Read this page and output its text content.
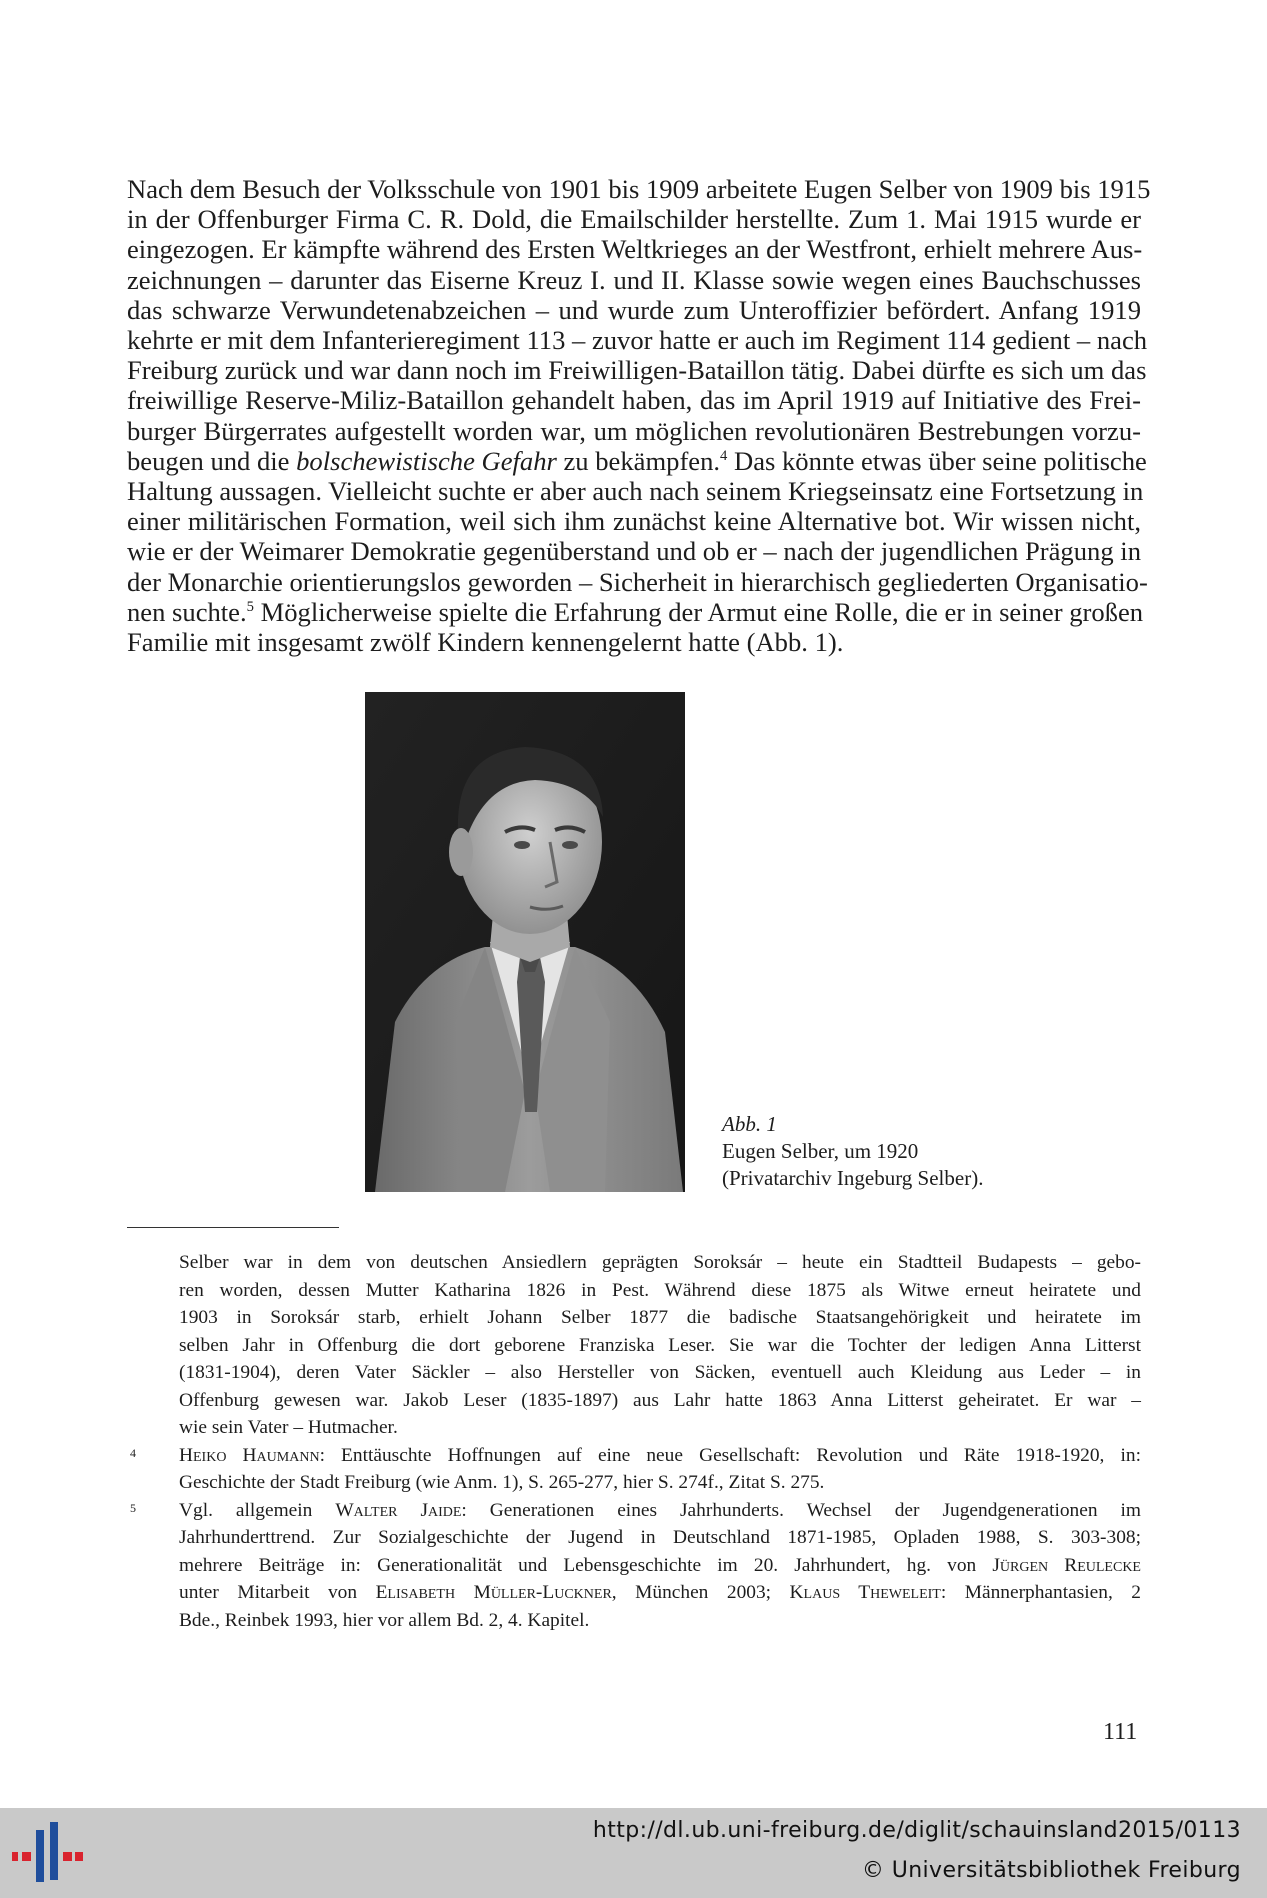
Nach dem Besuch der Volksschule von 1901 bis 1909 arbeitete Eugen Selber von 1909 bis 1915
in der Offenburger Firma C. R. Dold, die Emailschilder herstellte. Zum 1. Mai 1915 wurde er
eingezogen. Er kämpfte während des Ersten Weltkrieges an der Westfront, erhielt mehrere Aus-
zeichnungen – darunter das Eiserne Kreuz I. und II. Klasse sowie wegen eines Bauchschusses
das schwarze Verwundetenabzeichen – und wurde zum Unteroffizier befördert. Anfang 1919
kehrte er mit dem Infanterieregiment 113 – zuvor hatte er auch im Regiment 114 gedient – nach
Freiburg zurück und war dann noch im Freiwilligen-Bataillon tätig. Dabei dürfte es sich um das
freiwillige Reserve-Miliz-Bataillon gehandelt haben, das im April 1919 auf Initiative des Frei-
burger Bürgerrates aufgestellt worden war, um möglichen revolutionären Bestrebungen vorzu-
beugen und die bolschewistische Gefahr zu bekämpfen.$^4$ Das könnte etwas über seine politische
Haltung aussagen. Vielleicht suchte er aber auch nach seinem Kriegseinsatz eine Fortsetzung in
einer militärischen Formation, weil sich ihm zunächst keine Alternative bot. Wir wissen nicht,
wie er der Weimarer Demokratie gegenüberstand und ob er – nach der jugendlichen Prägung in
der Monarchie orientierungslos geworden – Sicherheit in hierarchisch gegliederten Organisatio-
nen suchte.$^5$ Möglicherweise spielte die Erfahrung der Armut eine Rolle, die er in seiner großen
Familie mit insgesamt zwölf Kindern kennengelernt hatte (Abb. 1).

Abb. 1
Eugen Selber, um 1920
(Privatarchiv Ingeburg Selber).
Selber war in dem von deutschen Ansiedlern geprägten Soroksár – heute ein Stadtteil Budapests – gebo-
ren worden, dessen Mutter Katharina 1826 in Pest. Während diese 1875 als Witwe erneut heiratete und
1903 in Soroksár starb, erhielt Johann Selber 1877 die badische Staatsangehörigkeit und heiratete im
selben Jahr in Offenburg die dort geborene Franziska Leser. Sie war die Tochter der ledigen Anna Litterst
(1831-1904), deren Vater Säckler – also Hersteller von Säcken, eventuell auch Kleidung aus Leder – in
Offenburg gewesen war. Jakob Leser (1835-1897) aus Lahr hatte 1863 Anna Litterst geheiratet. Er war –
wie sein Vater – Hutmacher.
4 Heiko Haumann: Enttäuschte Hoffnungen auf eine neue Gesellschaft: Revolution und Räte 1918-1920, in:
Geschichte der Stadt Freiburg (wie Anm. 1), S. 265-277, hier S. 274f., Zitat S. 275.
5 Vgl. allgemein Walter Jaide: Generationen eines Jahrhunderts. Wechsel der Jugendgenerationen im
Jahrhunderttrend. Zur Sozialgeschichte der Jugend in Deutschland 1871-1985, Opladen 1988, S. 303-308;
mehrere Beiträge in: Generationalität und Lebensgeschichte im 20. Jahrhundert, hg. von Jürgen Reulecke
unter Mitarbeit von Elisabeth Müller-Luckner, München 2003; Klaus Theweleit: Männerphantasien, 2
Bde., Reinbek 1993, hier vor allem Bd. 2, 4. Kapitel.
111
http://dl.ub.uni-freiburg.de/diglit/schauinsland2015/0113
© Universitätsbibliothek Freiburg
